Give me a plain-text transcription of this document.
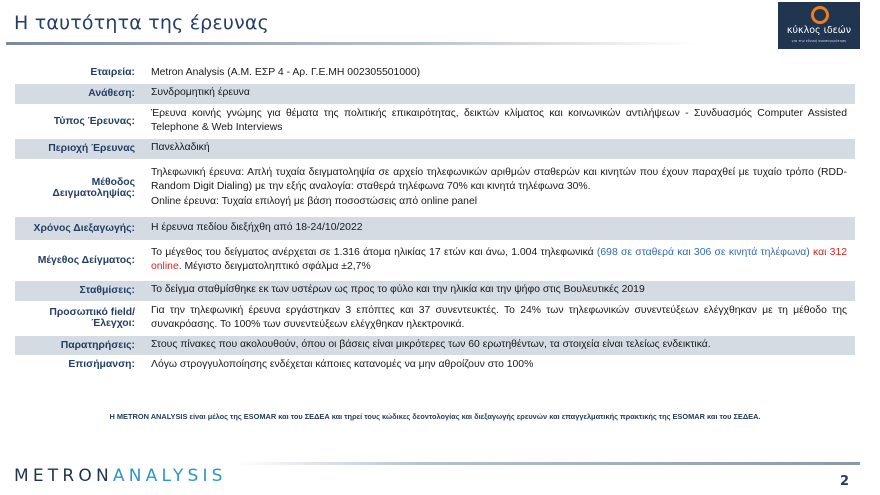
Η ταυτότητα της έρευνας	κύκλος ιδεών
για την εθνική ανασυγκρότηση
Εταιρεία:	Metron Analysis (Α.Μ. ΕΣΡ 4 - Αρ. Γ.Ε.ΜΗ 002305501000)
Ανάθεση:	Συνδρομητική έρευνα
Τύπος Έρευνας:	Έρευνα κοινής γνώμης για θέματα της πολιτικής επικαιρότητας, δεικτών κλίματος και κοινωνικών αντιλήψεων - Συνδυασμός Computer Assisted Telephone & Web Interviews
Περιοχή Έρευνας	Πανελλαδική
Μέθοδος Δειγματοληψίας:	Τηλεφωνική έρευνα: Απλή τυχαία δειγματοληψία σε αρχείο τηλεφωνικών αριθμών σταθερών και κινητών που έχουν παραχθεί με τυχαίο τρόπο (RDD-Random Digit Dialing) με την εξής αναλογία: σταθερά τηλέφωνα 70% και κινητά τηλέφωνα 30%.
Online έρευνα: Τυχαία επιλογή με βάση ποσοστώσεις από online panel

Χρόνος Διεξαγωγής:	Η έρευνα πεδίου διεξήχθη από 18-24/10/2022
Μέγεθος Δείγματος:	Το μέγεθος του δείγματος ανέρχεται σε 1.316 άτομα ηλικίας 17 ετών και άνω, 1.004 τηλεφωνικά (698 σε σταθερά και 306 σε κινητά τηλέφωνα) και 312 online. Μέγιστο δειγματοληπτικό σφάλμα ±2,7%
Σταθμίσεις:	Το δείγμα σταθμίσθηκε εκ των υστέρων ως προς το φύλο και την ηλικία και την ψήφο στις Βουλευτικές 2019
Προσωπικό field/Έλεγχοι:	Για την τηλεφωνική έρευνα εργάστηκαν 3 επόπτες και 37 συνεντευκτές. Το 24% των τηλεφωνικών συνεντεύξεων ελέγχθηκαν με τη μέθοδο της συνακρόασης. Το 100% των συνεντεύξεων ελέγχθηκαν ηλεκτρονικά.
Παρατηρήσεις:	Στους πίνακες που ακολουθούν, όπου οι βάσεις είναι μικρότερες των 60 ερωτηθέντων, τα στοιχεία είναι τελείως ενδεικτικά.
Επισήμανση:	Λόγω στρογγυλοποίησης ενδέχεται κάποιες κατανομές να μην αθροίζουν στο 100%
Η METRON ANALYSIS είναι μέλος της ESOMAR και του ΣΕΔΕΑ και τηρεί τους κώδικες δεοντολογίας και διεξαγωγής ερευνών και επαγγελματικής πρακτικής της ESOMAR και του ΣΕΔΕΑ.
METRONANALYSIS	2
